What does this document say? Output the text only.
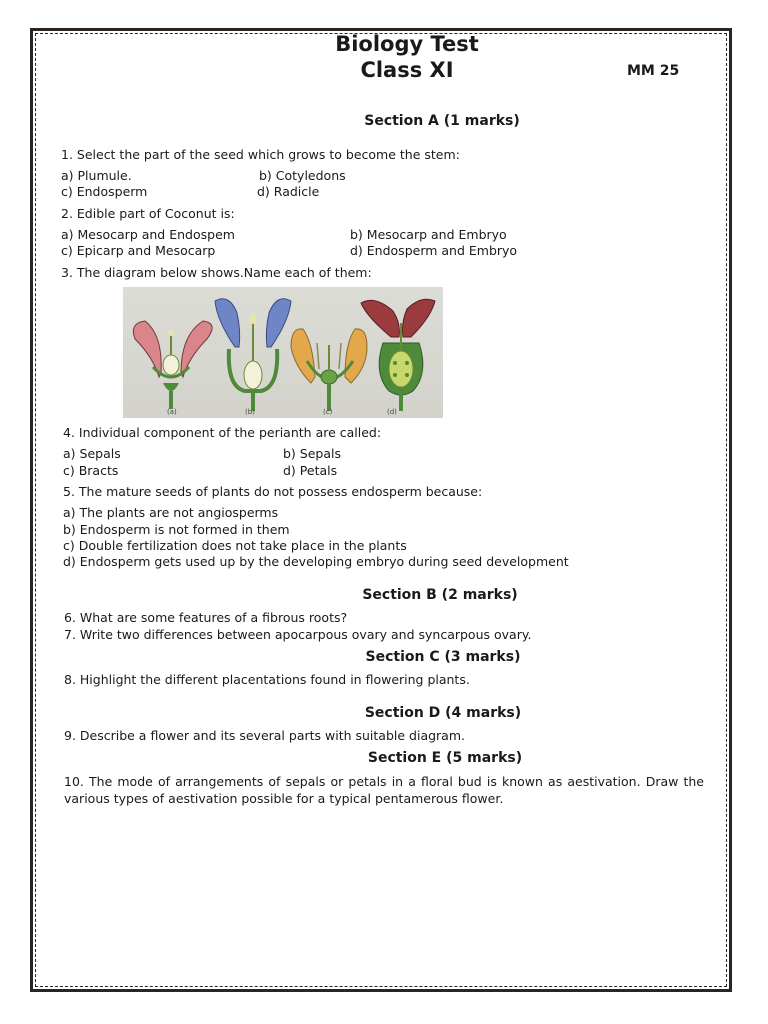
Biology Test
Class XI	MM 25
Section A (1 marks)
1. Select the part of the seed which grows to become the stem:
a) Plumule.	b) Cotyledons
c) Endosperm	d) Radicle
2. Edible part of Coconut is:
a) Mesocarp and Endospem	b) Mesocarp and Embryo
c) Epicarp and Mesocarp	d) Endosperm and Embryo
3. The diagram below shows.Name each of them:
(a)	(b)	(c)	(d)
4. Individual component of the perianth are called:
a) Sepals	b) Sepals
c) Bracts	d) Petals
5. The mature seeds of plants do not possess endosperm because:
a) The plants are not angiosperms
b) Endosperm is not formed in them
c) Double fertilization does not take place in the plants
d) Endosperm gets used up by the developing embryo during seed development
Section B (2 marks)
6. What are some features of a fibrous roots?
7. Write two differences between apocarpous ovary and syncarpous ovary.
Section C (3 marks)
8. Highlight the different placentations found in flowering plants.
Section D (4 marks)
9. Describe a flower and its several parts with suitable diagram.
Section E (5 marks)
10. The mode of arrangements of sepals or petals in a floral bud is known as aestivation. Draw the various types of aestivation possible for a typical pentamerous flower.
